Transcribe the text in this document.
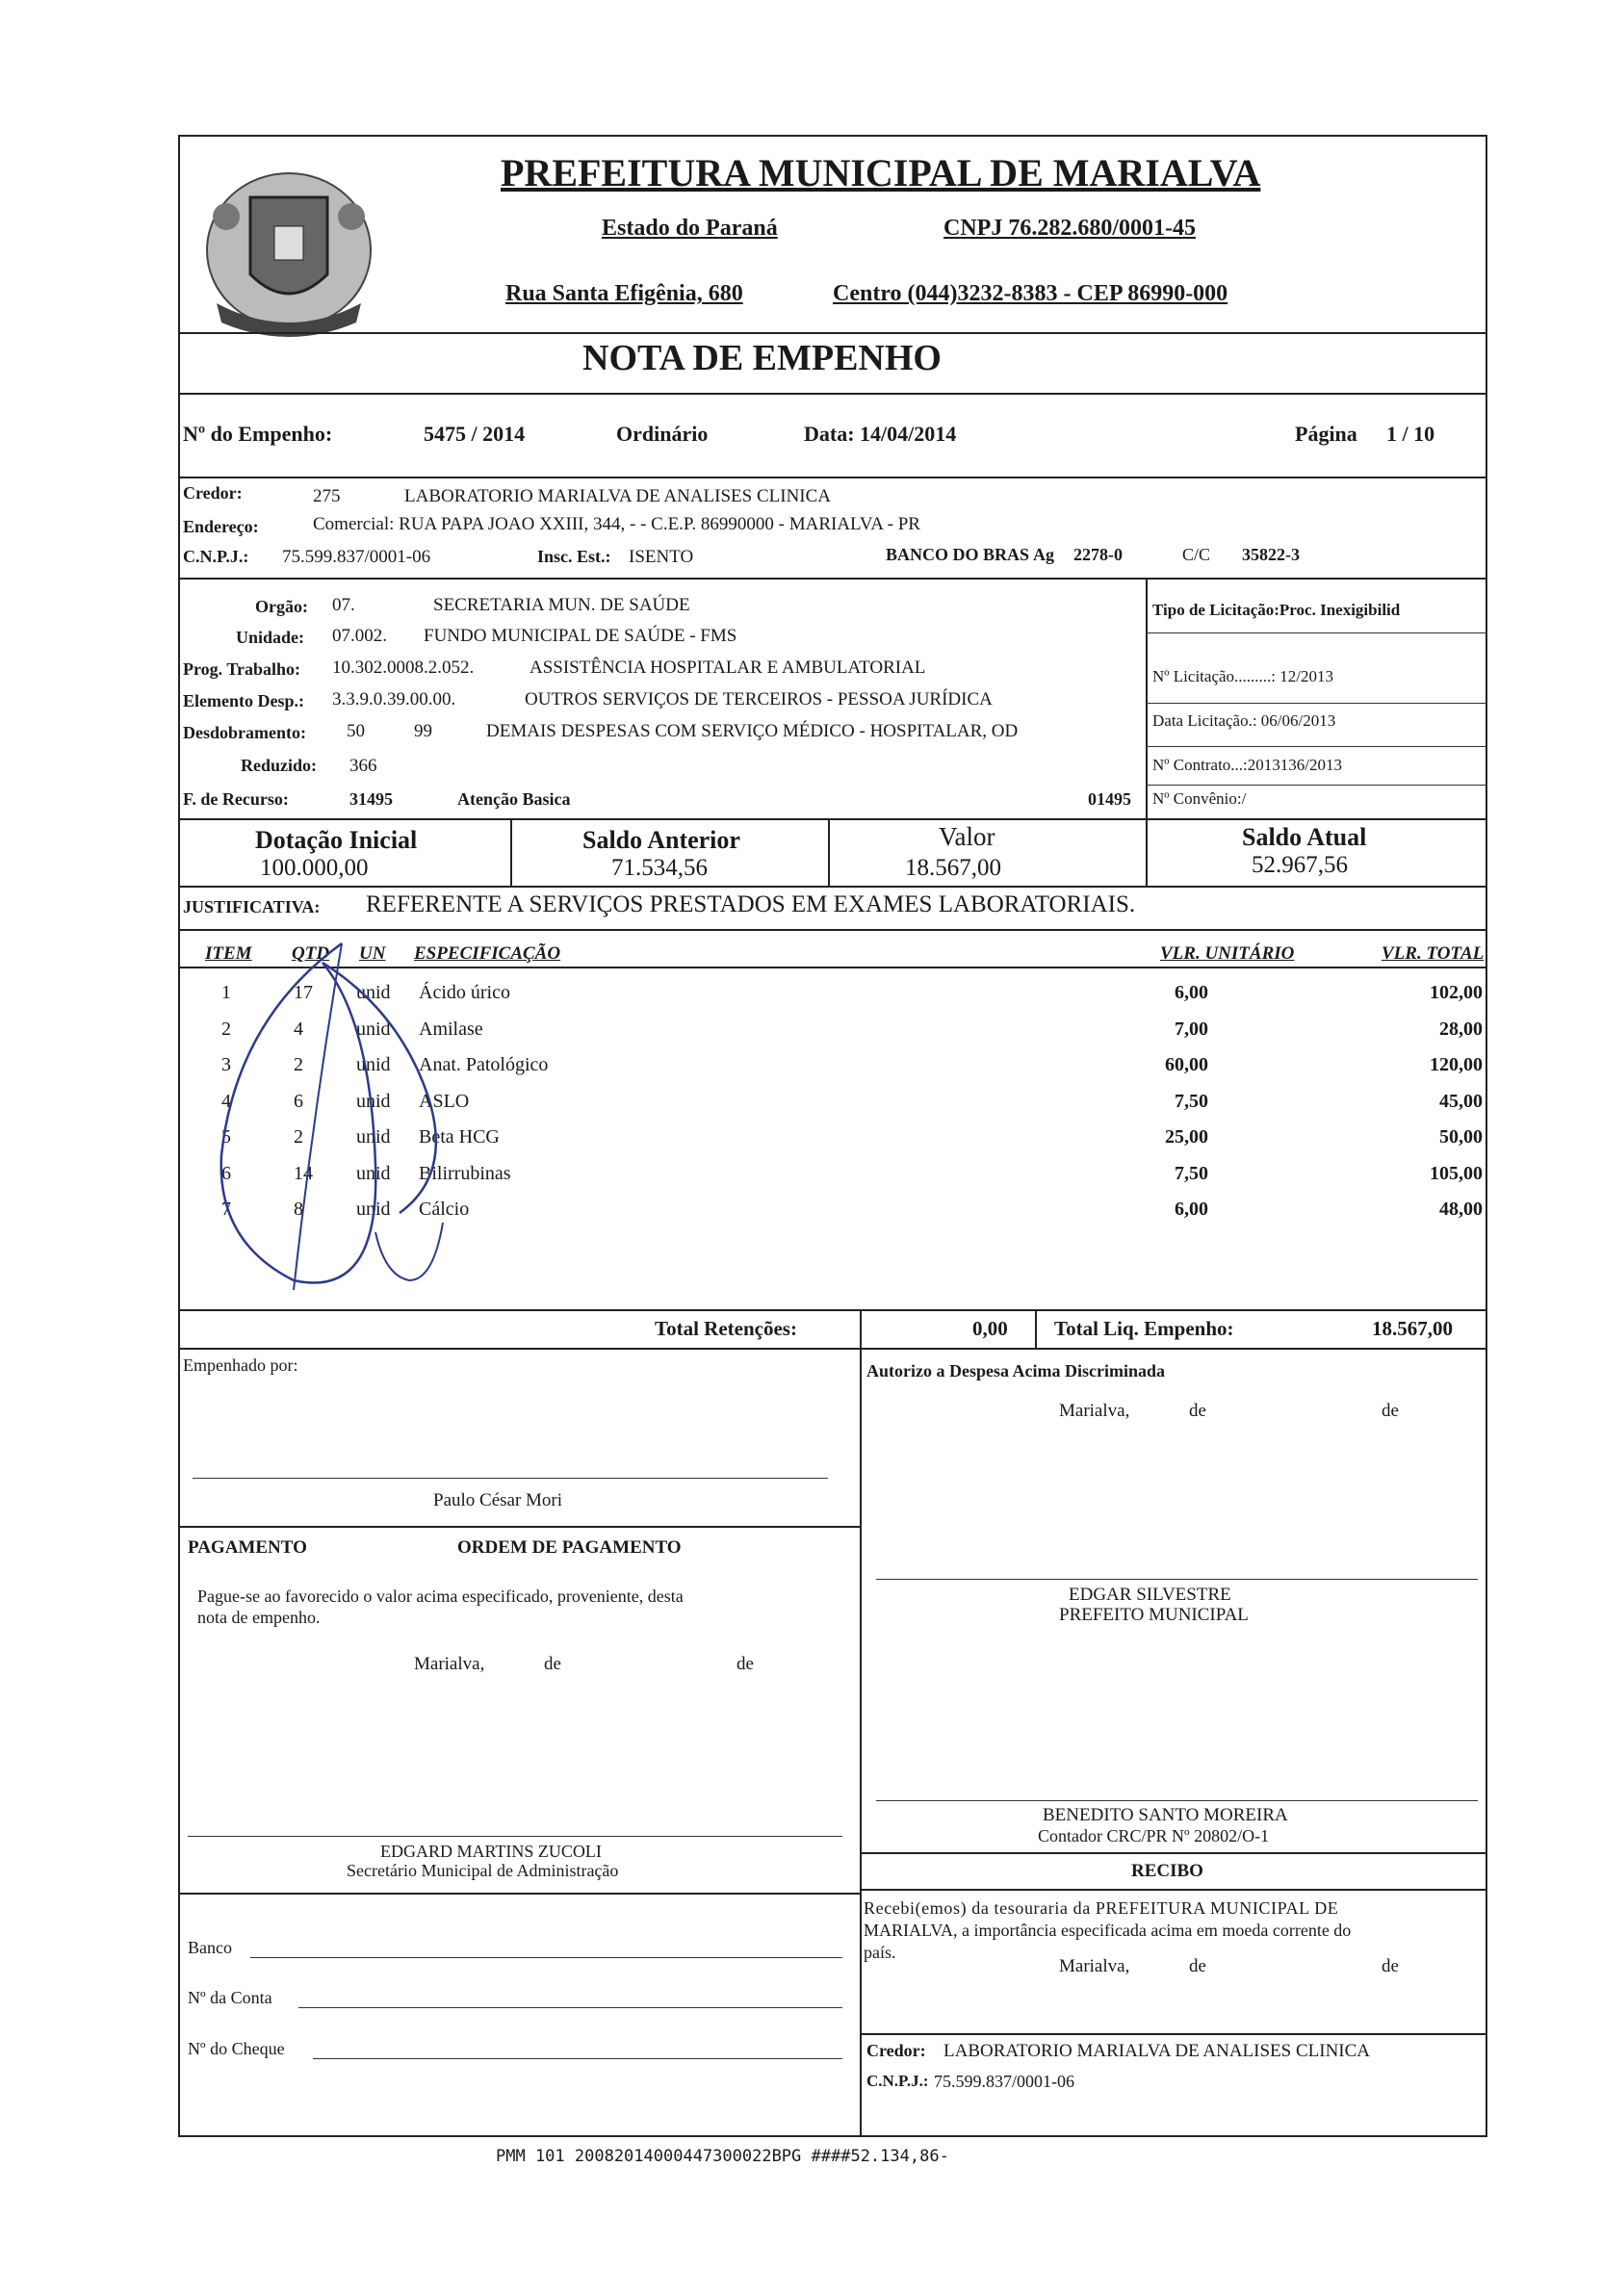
PREFEITURA MUNICIPAL DE MARIALVA
Estado do Paraná	CNPJ 76.282.680/0001-45
Rua Santa Efigênia, 680	Centro (044)3232-8383 - CEP 86990-000
NOTA DE EMPENHO
Nº do Empenho:	5475 / 2014	Ordinário	Data: 14/04/2014	Página 1 / 10
Credor:	275	LABORATORIO MARIALVA DE ANALISES CLINICA
Endereço:	Comercial: RUA PAPA JOAO XXIII, 344, - - C.E.P. 86990000 - MARIALVA - PR
C.N.P.J.: 75.599.837/0001-06	Insc. Est.: ISENTO	BANCO DO BRAS Ag 2278-0	C/C 35822-3
Orgão: 07.	SECRETARIA MUN. DE SAÚDE
Unidade: 07.002. FUNDO MUNICIPAL DE SAÚDE - FMS
Prog. Trabalho: 10.302.0008.2.052.	ASSISTÊNCIA HOSPITALAR E AMBULATORIAL
Elemento Desp.: 3.3.9.0.39.00.00.	OUTROS SERVIÇOS DE TERCEIROS - PESSOA JURÍDICA
Desdobramento: 50	99	DEMAIS DESPESAS COM SERVIÇO MÉDICO - HOSPITALAR, OD
Reduzido: 366
F. de Recurso:	31495	Atenção Basica	01495
Tipo de Licitação:Proc. Inexigibilid
Nº Licitação.........: 12/2013
Data Licitação.: 06/06/2013
Nº Contrato...:2013136/2013
Nº Convênio:/
Dotação Inicial
100.000,00
Saldo Anterior
71.534,56
Valor
18.567,00
Saldo Atual
52.967,56
JUSTIFICATIVA: REFERENTE A SERVIÇOS PRESTADOS EM EXAMES LABORATORIAIS.
ITEM QTD UN ESPECIFICAÇÃO	VLR. UNITÁRIO	VLR. TOTAL
1	17 unid Ácido úrico	6,00	102,00
2	4	unid Amilase	7,00	28,00
3	2	unid Anat. Patológico	60,00	120,00
4	6	unid ASLO	7,50	45,00
5	2	unid Beta HCG	25,00	50,00
6	14 unid Bilirrubinas	7,50	105,00
7	8	unid Cálcio	6,00	48,00
Total Retenções:	0,00 Total Liq. Empenho:	18.567,00
Empenhado por:	Autorizo a Despesa Acima Discriminada
Marialva,	de	de
Paulo César Mori
PAGAMENTO	ORDEM DE PAGAMENTO
Pague-se ao favorecido o valor acima especificado, proveniente, desta
nota de empenho.
Marialva,	de	de
EDGAR SILVESTRE
PREFEITO MUNICIPAL
BENEDITO SANTO MOREIRA
Contador CRC/PR Nº 20802/O-1
EDGARD MARTINS ZUCOLI
Secretário Municipal de Administração	RECIBO
Recebi(emos) da tesouraria da PREFEITURA MUNICIPAL DE
MARIALVA, a importância especificada acima em moeda corrente do
país.
Marialva,	de	de
Banco
Nº da Conta
Nº do Cheque	Credor: LABORATORIO MARIALVA DE ANALISES CLINICA
C.N.P.J.: 75.599.837/0001-06
PMM 101 20082014000447300022BPG ####52.134,86-
